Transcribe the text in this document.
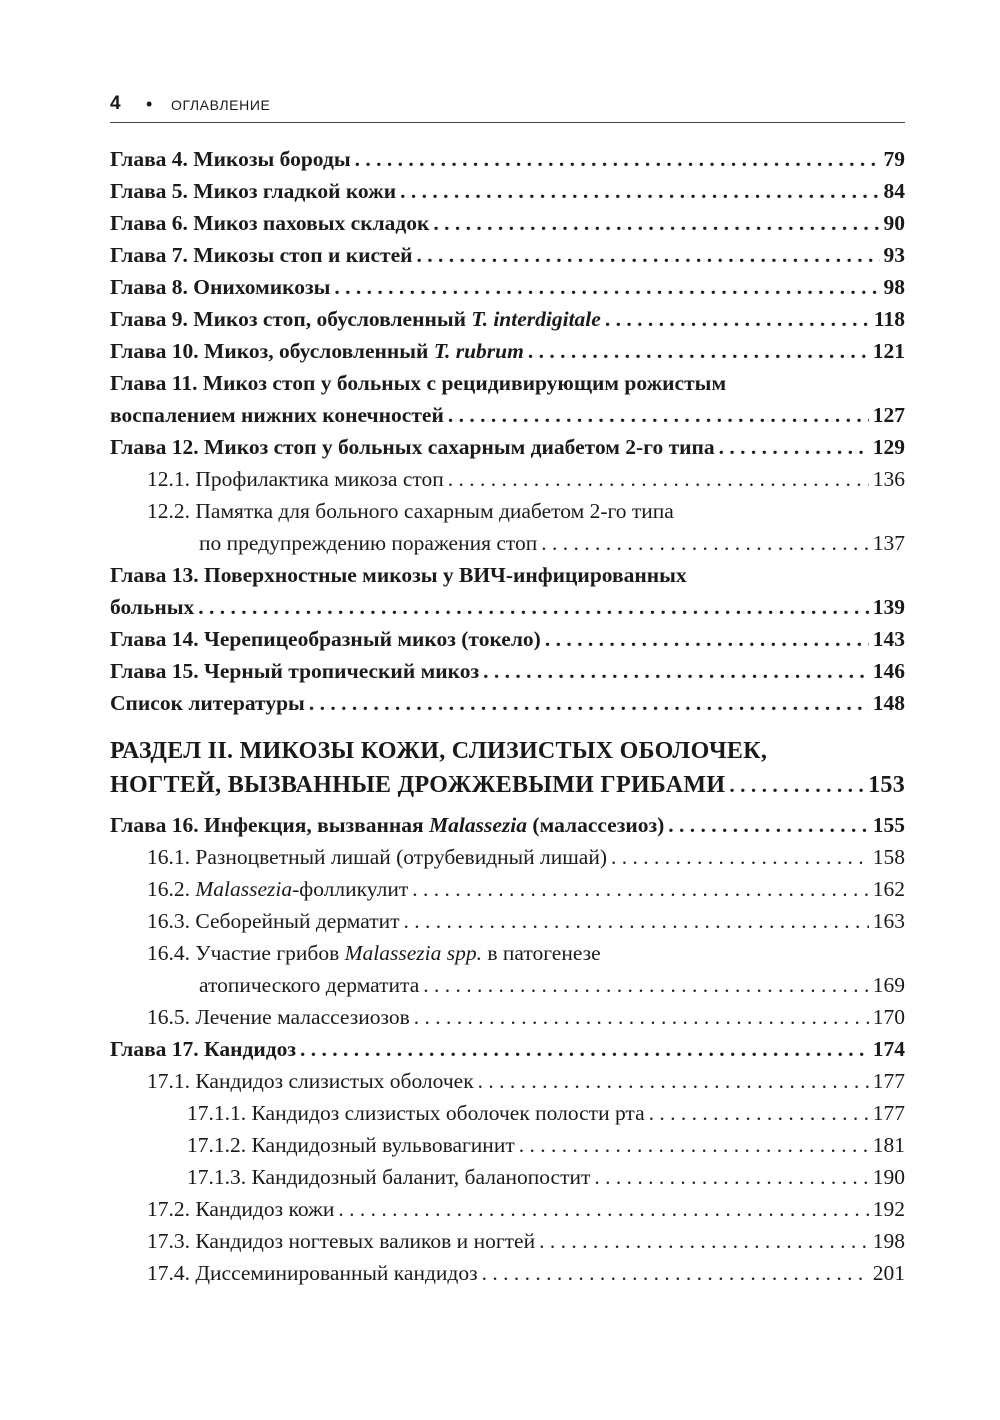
4 • ОГЛАВЛЕНИЕ
Глава 4. Микозы бороды . . .	79
Глава 5. Микоз гладкой кожи . . .	84
Глава 6. Микоз паховых складок . . .	90
Глава 7. Микозы стоп и кистей . . .	93
Глава 8. Онихомикозы . . .	98
Глава 9. Микоз стоп, обусловленный T. interdigitale . . .	118
Глава 10. Микоз, обусловленный T. rubrum . . .	121
Глава 11. Микоз стоп у больных с рецидивирующим рожистым
воспалением нижних конечностей . . .	127
Глава 12. Микоз стоп у больных сахарным диабетом 2-го типа . . .	129
12.1. Профилактика микоза стоп . . .	136
12.2. Памятка для больного сахарным диабетом 2-го типа
по предупреждению поражения стоп . . .	137
Глава 13. Поверхностные микозы у ВИЧ-инфицированных
больных . . .	139
Глава 14. Черепицеобразный микоз (токело) . . .	143
Глава 15. Черный тропический микоз . . .	146
Список литературы . . .	148
РАЗДЕЛ II. МИКОЗЫ КОЖИ, СЛИЗИСТЫХ ОБОЛОЧЕК,
НОГТЕЙ, ВЫЗВАННЫЕ ДРОЖЖЕВЫМИ ГРИБАМИ . . .	153
Глава 16. Инфекция, вызванная Malassezia (малассезиоз) . . .	155
16.1. Разноцветный лишай (отрубевидный лишай) . . .	158
16.2. Malassezia-фолликулит . . .	162
16.3. Себорейный дерматит . . .	163
16.4. Участие грибов Malassezia spp. в патогенезе
атопического дерматита . . .	169
16.5. Лечение малассезиозов . . .	170
Глава 17. Кандидоз . . .	174
17.1. Кандидоз слизистых оболочек . . .	177
17.1.1. Кандидоз слизистых оболочек полости рта . . .	177
17.1.2. Кандидозный вульвовагинит . . .	181
17.1.3. Кандидозный баланит, баланопостит . . .	190
17.2. Кандидоз кожи . . .	192
17.3. Кандидоз ногтевых валиков и ногтей . . .	198
17.4. Диссеминированный кандидоз . . .	201
